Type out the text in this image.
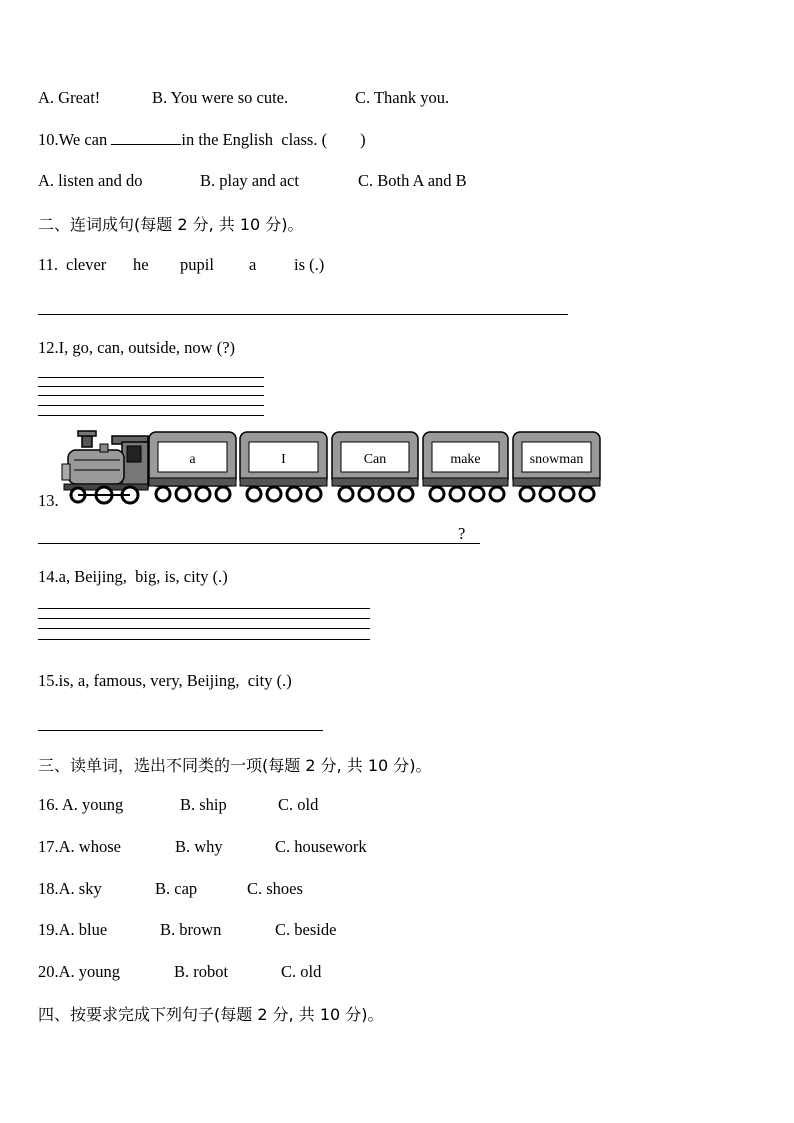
A. Great!	B. You were so cute.	C. Thank you.
10.We can	in the English  class. (        )
A. listen and do	B. play and act	C. Both A and B
二、连词成句(每题 2 分, 共 10 分)。
11. clever he pupil a is (.)
12.I, go, can, outside, now (?)
13.
a	I	Can	make	snowman
?
14.a, Beijing,  big, is, city (.)
15.is, a, famous, very, Beijing,  city (.)
三、读单词，选出不同类的一项(每题 2 分, 共 10 分)。
16. A. young	B. ship	C. old
17.A. whose	B. why	C. housework
18.A. sky	B. cap	C. shoes
19.A. blue	B. brown	C. beside
20.A. young	B. robot	C. old
四、按要求完成下列句子(每题 2 分, 共 10 分)。
